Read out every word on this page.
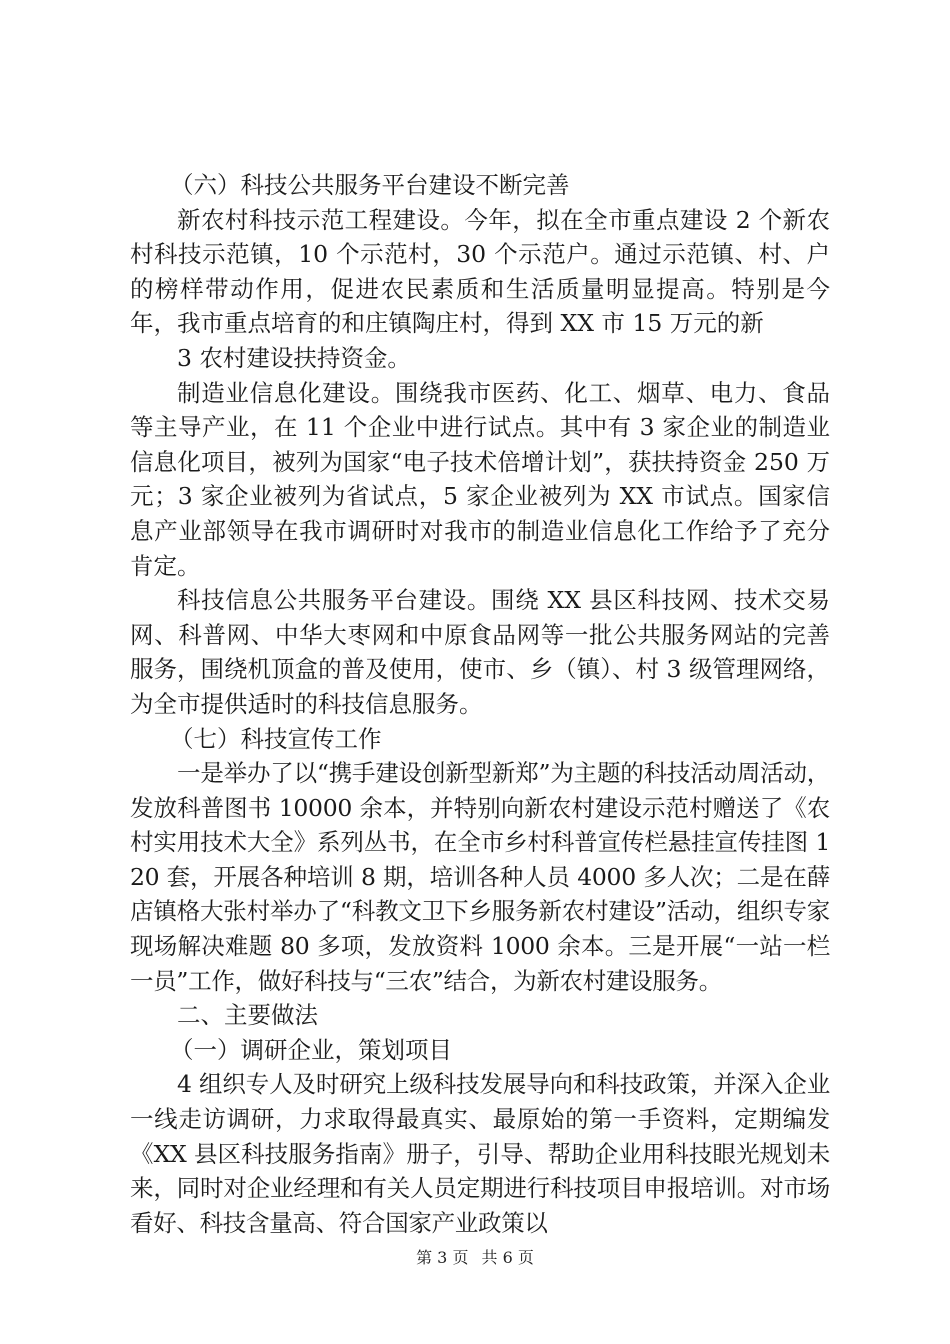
（六）科技公共服务平台建设不断完善

新农村科技示范工程建设。今年，拟在全市重点建设 2 个新农村科技示范镇，10 个示范村，30 个示范户。通过示范镇、村、户的榜样带动作用，促进农民素质和生活质量明显提高。特别是今年，我市重点培育的和庄镇陶庄村，得到 XX 市 15 万元的新

3 农村建设扶持资金。

制造业信息化建设。围绕我市医药、化工、烟草、电力、食品等主导产业，在 11 个企业中进行试点。其中有 3 家企业的制造业信息化项目，被列为国家“电子技术倍增计划”，获扶持资金 250 万元；3 家企业被列为省试点，5 家企业被列为 XX 市试点。国家信息产业部领导在我市调研时对我市的制造业信息化工作给予了充分肯定。

科技信息公共服务平台建设。围绕 XX 县区科技网、技术交易网、科普网、中华大枣网和中原食品网等一批公共服务网站的完善服务，围绕机顶盒的普及使用，使市、乡（镇）、村 3 级管理网络，为全市提供适时的科技信息服务。

（七）科技宣传工作

一是举办了以“携手建设创新型新郑”为主题的科技活动周活动，发放科普图书 10000 余本，并特别向新农村建设示范村赠送了《农村实用技术大全》系列丛书，在全市乡村科普宣传栏悬挂宣传挂图 120 套，开展各种培训 8 期，培训各种人员 4000 多人次；二是在薛店镇格大张村举办了“科教文卫下乡服务新农村建设”活动，组织专家现场解决难题 80 多项，发放资料 1000 余本。三是开展“一站一栏一员”工作，做好科技与“三农”结合，为新农村建设服务。

二、主要做法

（一）调研企业，策划项目

4 组织专人及时研究上级科技发展导向和科技政策，并深入企业一线走访调研，力求取得最真实、最原始的第一手资料，定期编发《XX 县区科技服务指南》册子，引导、帮助企业用科技眼光规划未来，同时对企业经理和有关人员定期进行科技项目申报培训。对市场看好、科技含量高、符合国家产业政策以

第 3 页 共 6 页
